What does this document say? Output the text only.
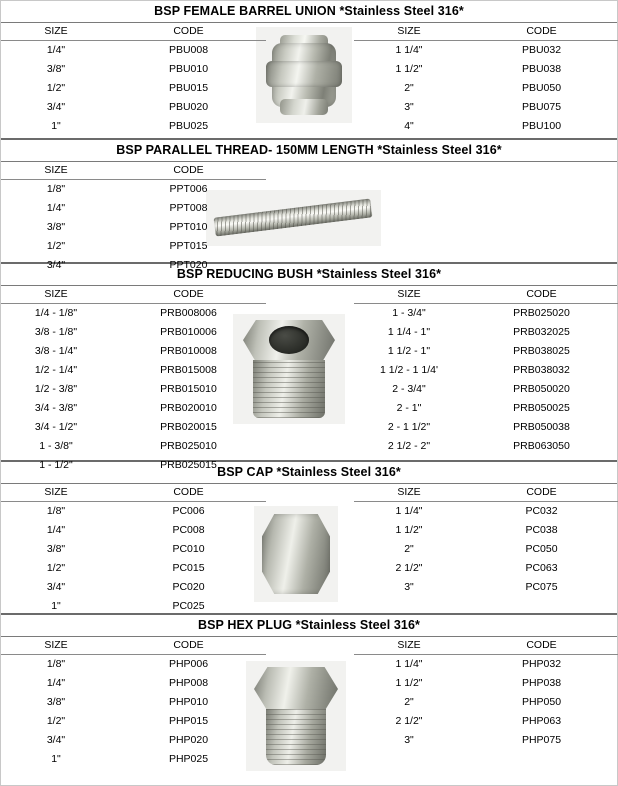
BSP FEMALE BARREL UNION *Stainless Steel 316*
SIZE	CODE
1/4"	PBU008
3/8"	PBU010
1/2"	PBU015
3/4"	PBU020
1"	PBU025
SIZE	CODE
1 1/4"	PBU032
1 1/2"	PBU038
2"	PBU050
3"	PBU075
4"	PBU100
BSP PARALLEL THREAD- 150MM LENGTH *Stainless Steel 316*
SIZE	CODE
1/8"	PPT006
1/4"	PPT008
3/8"	PPT010
1/2"	PPT015
3/4"	PPT020
BSP REDUCING BUSH *Stainless Steel 316*
SIZE	CODE
1/4 - 1/8"	PRB008006
3/8 - 1/8"	PRB010006
3/8 - 1/4"	PRB010008
1/2 - 1/4"	PRB015008
1/2 - 3/8"	PRB015010
3/4 - 3/8"	PRB020010
3/4 - 1/2"	PRB020015
1 - 3/8"	PRB025010
1 - 1/2"	PRB025015
SIZE	CODE
1 - 3/4"	PRB025020
1 1/4 - 1"	PRB032025
1 1/2 - 1"	PRB038025
1 1/2 - 1 1/4'	PRB038032
2 - 3/4"	PRB050020
2 - 1"	PRB050025
2 - 1 1/2"	PRB050038
2 1/2 - 2"	PRB063050
BSP CAP *Stainless Steel 316*
SIZE	CODE
1/8"	PC006
1/4"	PC008
3/8"	PC010
1/2"	PC015
3/4"	PC020
1"	PC025
SIZE	CODE
1 1/4"	PC032
1 1/2"	PC038
2"	PC050
2 1/2"	PC063
3"	PC075
BSP HEX PLUG *Stainless Steel 316*
SIZE	CODE
1/8"	PHP006
1/4"	PHP008
3/8"	PHP010
1/2"	PHP015
3/4"	PHP020
1"	PHP025
SIZE	CODE
1 1/4"	PHP032
1 1/2"	PHP038
2"	PHP050
2 1/2"	PHP063
3"	PHP075
